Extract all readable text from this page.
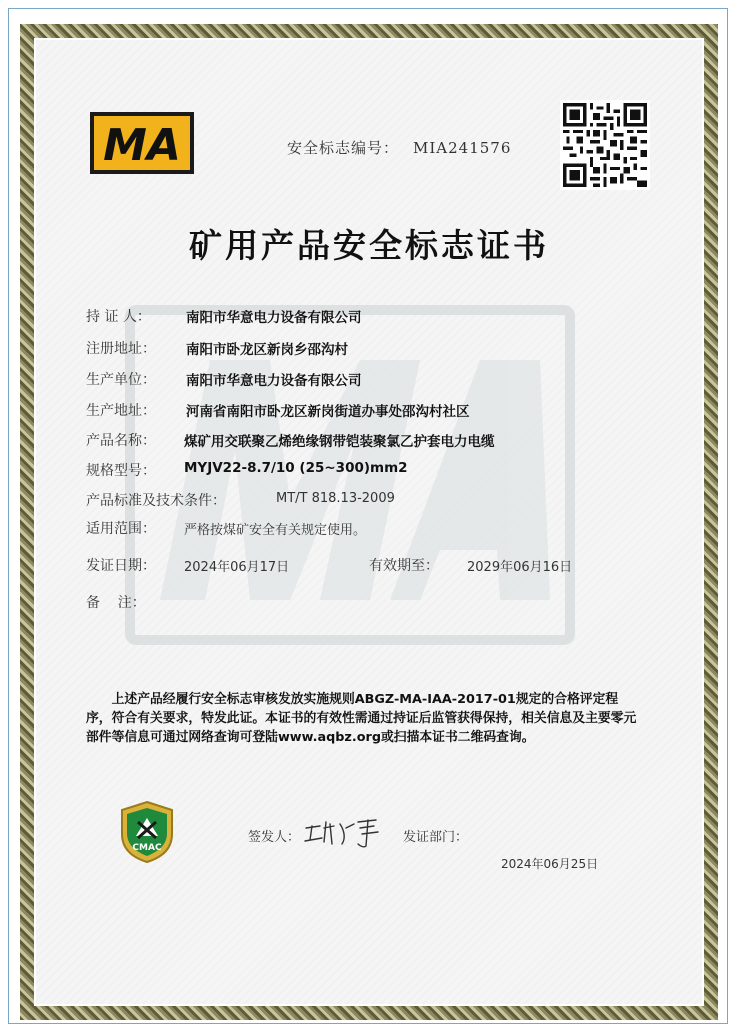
MA	安全标志编号： MIA241576
矿用产品安全标志证书
持 证 人：	南阳市华意电力设备有限公司
注册地址： 南阳市卧龙区新岗乡邵沟村
生产单位： 南阳市华意电力设备有限公司
生产地址： 河南省南阳市卧龙区新岗街道办事处邵沟村社区
产品名称： 煤矿用交联聚乙烯绝缘钢带铠装聚氯乙护套电力电缆
规格型号： MYJV22-8.7/10 (25~300)mm2
产品标准及技术条件：	MT/T 818.13-2009
适用范围： 严格按煤矿安全有关规定使用。
发证日期： 2024年06月17日	有效期至： 2029年06月16日
备    注：
上述产品经履行安全标志审核发放实施规则ABGZ-MA-IAA-2017-01规定的合格评定程序，符合有关要求，特发此证。本证书的有效性需通过持证后监管获得保持，相关信息及主要零元部件等信息可通过网络查询可登陆www.aqbz.org或扫描本证书二维码查询。
CMAC
签发人：	发证部门：
2024年06月25日
